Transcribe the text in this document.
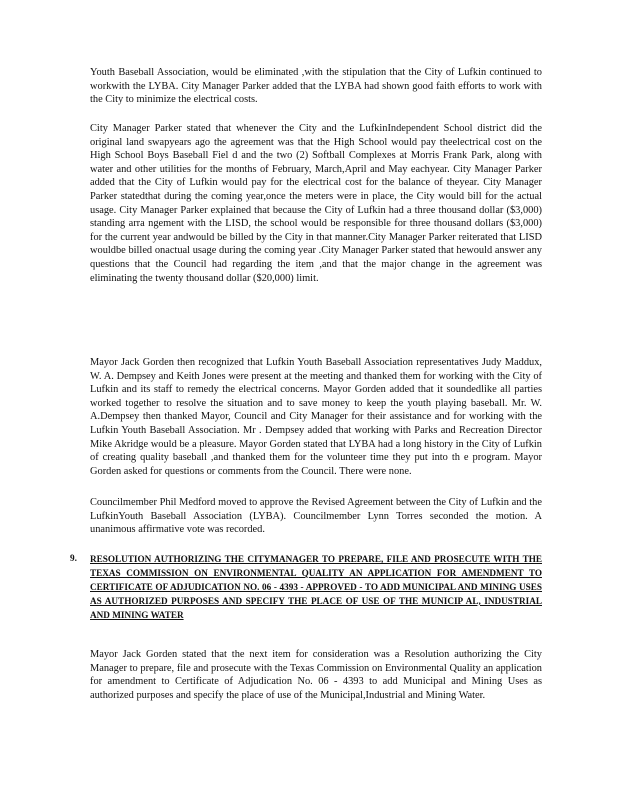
Youth Baseball Association, would be eliminated ,with the stipulation that the City of Lufkin continued to workwith the LYBA. City Manager Parker added that the LYBA had shown good faith efforts to work with the City to minimize the electrical costs.

City Manager Parker stated that whenever the City and the LufkinIndependent School district did the original land swapyears ago the agreement was that the High School would pay theelectrical cost on the High School Boys Baseball Fiel d and the two (2) Softball Complexes at Morris Frank Park, along with water and other utilities for the months of February, March,April and May eachyear. City Manager Parker added that the City of Lufkin would pay for the electrical cost for the balance of theyear. City Manager Parker statedthat during the coming year,once the meters were in place, the City would bill for the actual usage. City Manager Parker explained that because the City of Lufkin had a three thousand dollar ($3,000) standing arra ngement with the LISD, the school would be responsible for three thousand dollars ($3,000) for the current year andwould be billed by the City in that manner.City Manager Parker reiterated that LISD wouldbe billed onactual usage during the coming year .City Manager Parker stated that hewould answer any questions that the Council had regarding the item ,and that the major change in the agreement was eliminating the twenty thousand dollar ($20,000) limit.

Mayor Jack Gorden then recognized that Lufkin Youth Baseball Association representatives Judy Maddux, W. A. Dempsey and Keith Jones were present at the meeting and thanked them for working with the City of Lufkin and its staff to remedy the electrical concerns. Mayor Gorden added that it soundedlike all parties worked together to resolve the situation and to save money to keep the youth playing baseball. Mr. W. A.Dempsey then thanked Mayor, Council and City Manager for their assistance and for working with the Lufkin Youth Baseball Association. Mr . Dempsey added that working with Parks and Recreation Director Mike Akridge would be a pleasure. Mayor Gorden stated that LYBA had a long history in the City of Lufkin of creating quality baseball ,and thanked them for the volunteer time they put into th e program. Mayor Gorden asked for questions or comments from the Council. There were none.

Councilmember Phil Medford moved to approve the Revised Agreement between the City of Lufkin and the LufkinYouth Baseball Association (LYBA). Councilmember Lynn Torres seconded the motion. A unanimous affirmative vote was recorded.

9. RESOLUTION AUTHORIZING THE CITYMANAGER TO PREPARE, FILE AND PROSECUTE WITH THE TEXAS COMMISSION ON ENVIRONMENTAL QUALITY AN APPLICATION FOR AMENDMENT TO CERTIFICATE OF ADJUDICATION NO. 06 - 4393 - APPROVED - TO ADD MUNICIPAL AND MINING USES AS AUTHORIZED PURPOSES AND SPECIFY THE PLACE OF USE OF THE MUNICIP AL, INDUSTRIAL AND MINING WATER

Mayor Jack Gorden stated that the next item for consideration was a Resolution authorizing the City Manager to prepare, file and prosecute with the Texas Commission on Environmental Quality an application for amendment to Certificate of Adjudication No. 06 - 4393 to add Municipal and Mining Uses as authorized purposes and specify the place of use of the Municipal,Industrial and Mining Water.
